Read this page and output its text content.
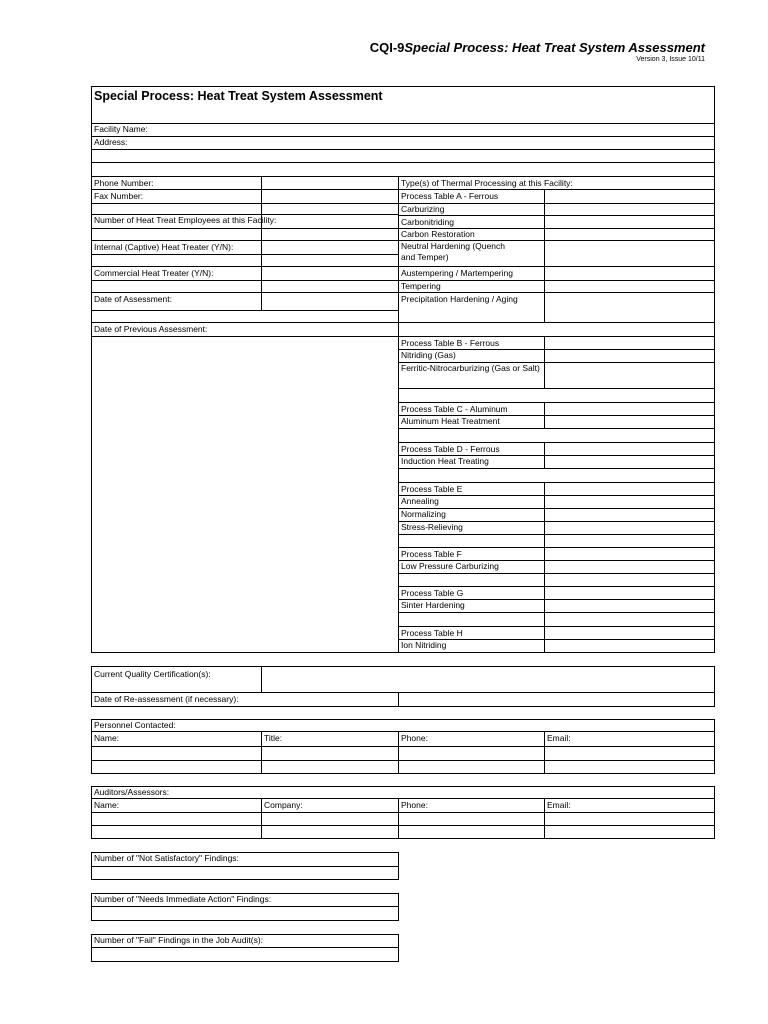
CQI-9Special Process: Heat Treat System Assessment
Version 3, Issue 10/11
Special Process: Heat Treat System Assessment
Facility Name:
Address:
Phone Number:
Fax Number:
Number of Heat Treat Employees at this Facility:
Internal (Captive) Heat Treater (Y/N):
Commercial Heat Treater (Y/N):
Date of Assessment:
Date of Previous Assessment:
Type(s) of Thermal Processing at this Facility:
Process Table A - Ferrous
Carburizing
Carbonitriding
Carbon Restoration
Neutral Hardening (Quench and Temper)
Austempering / Martempering
Tempering
Precipitation Hardening / Aging
Process Table B - Ferrous
Nitriding (Gas)
Ferritic-Nitrocarburizing (Gas or Salt)
Process Table C - Aluminum
Aluminum Heat Treatment
Process Table D - Ferrous
Induction Heat Treating
Process Table E
Annealing
Normalizing
Stress-Relieving
Process Table F
Low Pressure Carburizing
Process Table G
Sinter Hardening
Process Table H
Ion Nitriding
Current Quality Certification(s):
Date of Re-assessment (if necessary):
Personnel Contacted:
Name:	Title:	Phone:	Email:
Auditors/Assessors:
Name:	Company:	Phone:	Email:
Number of "Not Satisfactory" Findings:
Number of "Needs Immediate Action" Findings:
Number of "Fail" Findings in the Job Audit(s):
